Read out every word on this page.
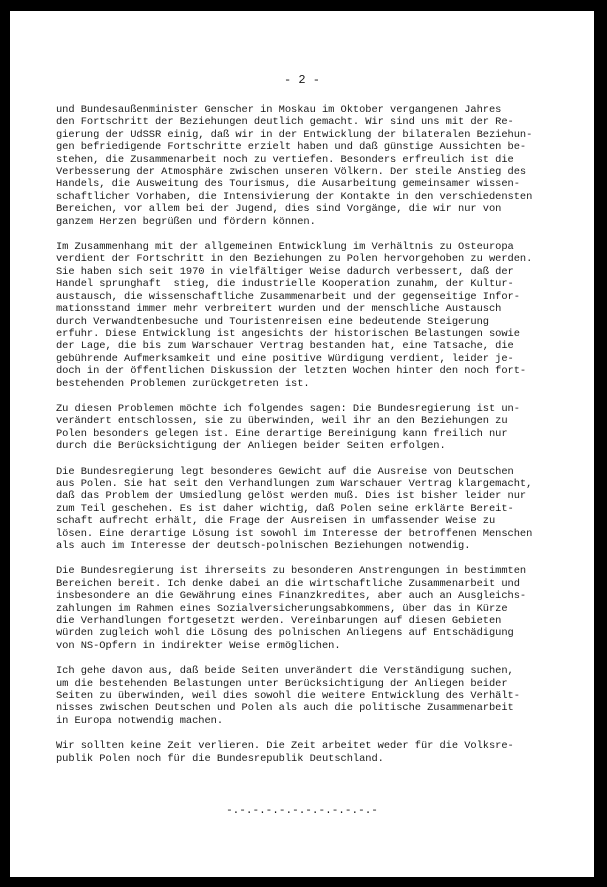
- 2 -
und Bundesaußenminister Genscher in Moskau im Oktober vergangenen Jahres
den Fortschritt der Beziehungen deutlich gemacht. Wir sind uns mit der Re-
gierung der UdSSR einig, daß wir in der Entwicklung der bilateralen Beziehun-
gen befriedigende Fortschritte erzielt haben und daß günstige Aussichten be-
stehen, die Zusammenarbeit noch zu vertiefen. Besonders erfreulich ist die
Verbesserung der Atmosphäre zwischen unseren Völkern. Der steile Anstieg des
Handels, die Ausweitung des Tourismus, die Ausarbeitung gemeinsamer wissen-
schaftlicher Vorhaben, die Intensivierung der Kontakte in den verschiedensten
Bereichen, vor allem bei der Jugend, dies sind Vorgänge, die wir nur von
ganzem Herzen begrüßen und fördern können.
Im Zusammenhang mit der allgemeinen Entwicklung im Verhältnis zu Osteuropa
verdient der Fortschritt in den Beziehungen zu Polen hervorgehoben zu werden.
Sie haben sich seit 1970 in vielfältiger Weise dadurch verbessert, daß der
Handel sprunghaft  stieg, die industrielle Kooperation zunahm, der Kultur-
austausch, die wissenschaftliche Zusammenarbeit und der gegenseitige Infor-
mationsstand immer mehr verbreitert wurden und der menschliche Austausch
durch Verwandtenbesuche und Touristenreisen eine bedeutende Steigerung
erfuhr. Diese Entwicklung ist angesichts der historischen Belastungen sowie
der Lage, die bis zum Warschauer Vertrag bestanden hat, eine Tatsache, die
gebührende Aufmerksamkeit und eine positive Würdigung verdient, leider je-
doch in der öffentlichen Diskussion der letzten Wochen hinter den noch fort-
bestehenden Problemen zurückgetreten ist.
Zu diesen Problemen möchte ich folgendes sagen: Die Bundesregierung ist un-
verändert entschlossen, sie zu überwinden, weil ihr an den Beziehungen zu
Polen besonders gelegen ist. Eine derartige Bereinigung kann freilich nur
durch die Berücksichtigung der Anliegen beider Seiten erfolgen.
Die Bundesregierung legt besonderes Gewicht auf die Ausreise von Deutschen
aus Polen. Sie hat seit den Verhandlungen zum Warschauer Vertrag klargemacht,
daß das Problem der Umsiedlung gelöst werden muß. Dies ist bisher leider nur
zum Teil geschehen. Es ist daher wichtig, daß Polen seine erklärte Bereit-
schaft aufrecht erhält, die Frage der Ausreisen in umfassender Weise zu
lösen. Eine derartige Lösung ist sowohl im Interesse der betroffenen Menschen
als auch im Interesse der deutsch-polnischen Beziehungen notwendig.
Die Bundesregierung ist ihrerseits zu besonderen Anstrengungen in bestimmten
Bereichen bereit. Ich denke dabei an die wirtschaftliche Zusammenarbeit und
insbesondere an die Gewährung eines Finanzkredites, aber auch an Ausgleichs-
zahlungen im Rahmen eines Sozialversicherungsabkommens, über das in Kürze
die Verhandlungen fortgesetzt werden. Vereinbarungen auf diesen Gebieten
würden zugleich wohl die Lösung des polnischen Anliegens auf Entschädigung
von NS-Opfern in indirekter Weise ermöglichen.
Ich gehe davon aus, daß beide Seiten unverändert die Verständigung suchen,
um die bestehenden Belastungen unter Berücksichtigung der Anliegen beider
Seiten zu überwinden, weil dies sowohl die weitere Entwicklung des Verhält-
nisses zwischen Deutschen und Polen als auch die politische Zusammenarbeit
in Europa notwendig machen.
Wir sollten keine Zeit verlieren. Die Zeit arbeitet weder für die Volksre-
publik Polen noch für die Bundesrepublik Deutschland.
-.-.-.-.-.-.-.-.-.-.-.-
